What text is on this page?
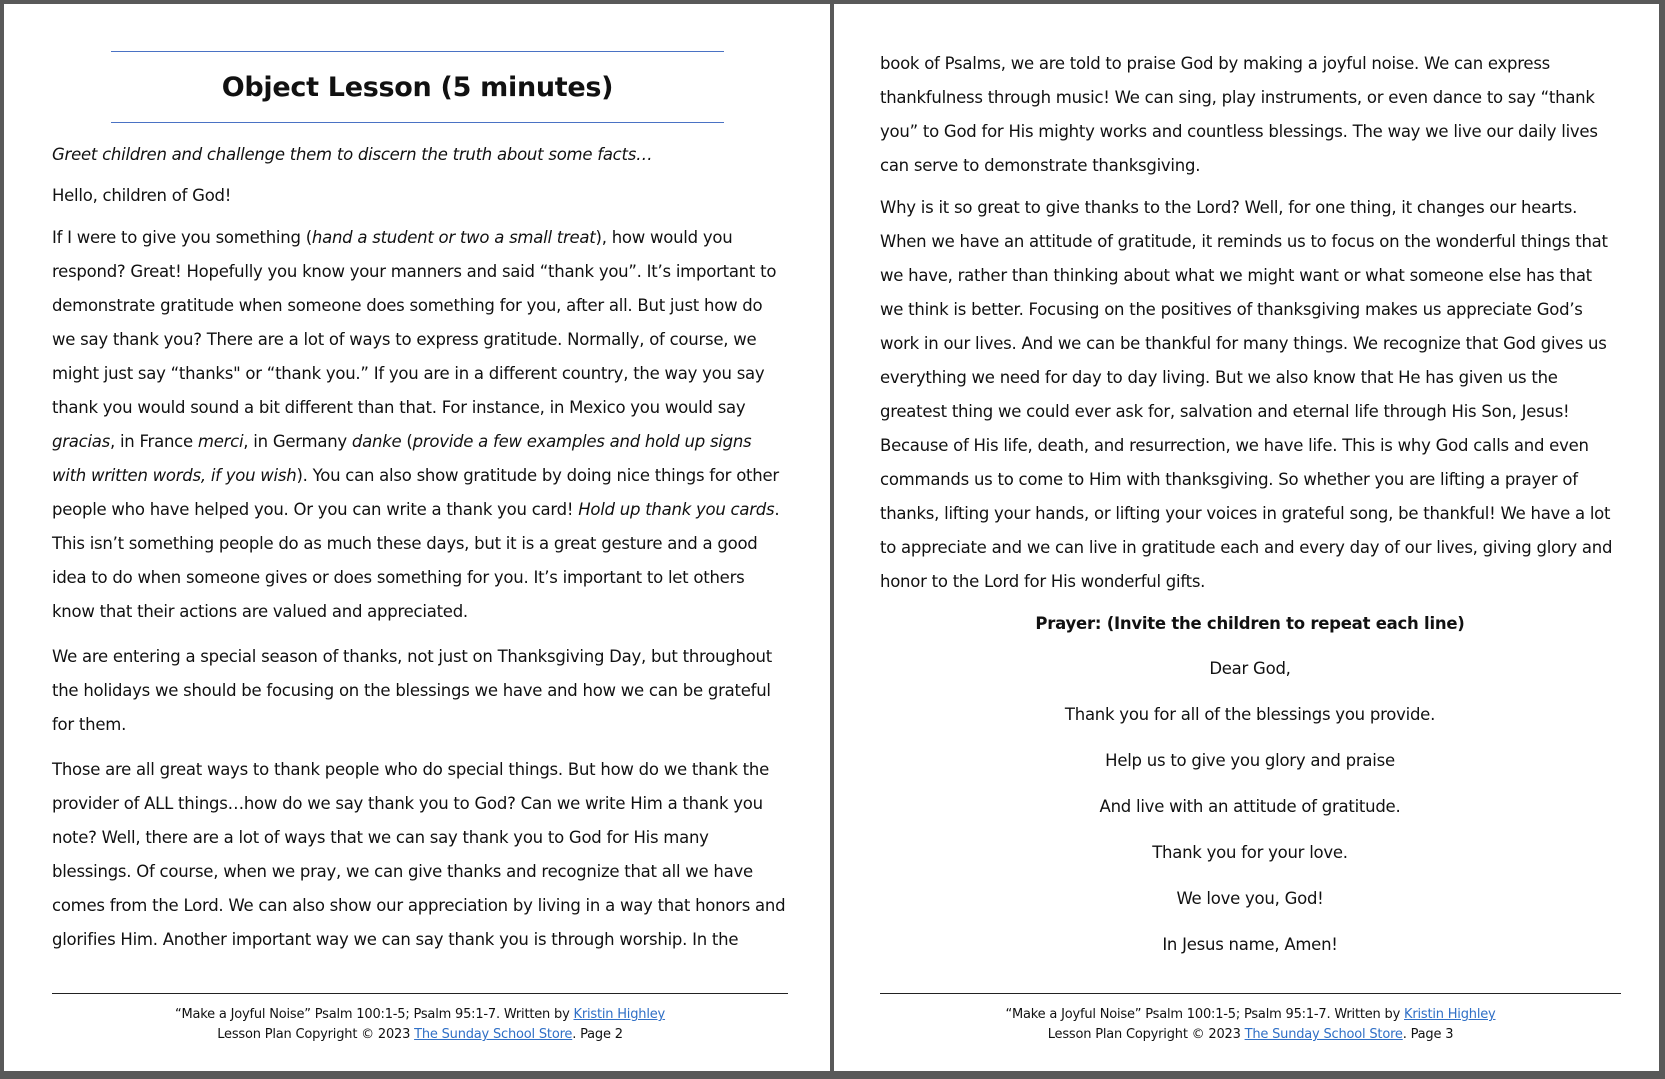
Object Lesson (5 minutes)

Greet children and challenge them to discern the truth about some facts…

Hello, children of God!

If I were to give you something (hand a student or two a small treat), how would you respond? Great! Hopefully you know your manners and said “thank you”. It’s important to demonstrate gratitude when someone does something for you, after all. But just how do we say thank you? There are a lot of ways to express gratitude. Normally, of course, we might just say “thanks" or “thank you.” If you are in a different country, the way you say thank you would sound a bit different than that. For instance, in Mexico you would say gracias, in France merci, in Germany danke (provide a few examples and hold up signs with written words, if you wish). You can also show gratitude by doing nice things for other people who have helped you. Or you can write a thank you card! Hold up thank you cards. This isn’t something people do as much these days, but it is a great gesture and a good idea to do when someone gives or does something for you. It’s important to let others know that their actions are valued and appreciated.

We are entering a special season of thanks, not just on Thanksgiving Day, but throughout the holidays we should be focusing on the blessings we have and how we can be grateful for them.

Those are all great ways to thank people who do special things. But how do we thank the provider of ALL things…how do we say thank you to God? Can we write Him a thank you note? Well, there are a lot of ways that we can say thank you to God for His many blessings. Of course, when we pray, we can give thanks and recognize that all we have comes from the Lord. We can also show our appreciation by living in a way that honors and glorifies Him. Another important way we can say thank you is through worship. In the

“Make a Joyful Noise” Psalm 100:1-5; Psalm 95:1-7. Written by Kristin Highley
Lesson Plan Copyright © 2023 The Sunday School Store. Page 2

book of Psalms, we are told to praise God by making a joyful noise. We can express thankfulness through music! We can sing, play instruments, or even dance to say “thank you” to God for His mighty works and countless blessings. The way we live our daily lives can serve to demonstrate thanksgiving.

Why is it so great to give thanks to the Lord? Well, for one thing, it changes our hearts. When we have an attitude of gratitude, it reminds us to focus on the wonderful things that we have, rather than thinking about what we might want or what someone else has that we think is better. Focusing on the positives of thanksgiving makes us appreciate God’s work in our lives. And we can be thankful for many things. We recognize that God gives us everything we need for day to day living. But we also know that He has given us the greatest thing we could ever ask for, salvation and eternal life through His Son, Jesus! Because of His life, death, and resurrection, we have life. This is why God calls and even commands us to come to Him with thanksgiving. So whether you are lifting a prayer of thanks, lifting your hands, or lifting your voices in grateful song, be thankful! We have a lot to appreciate and we can live in gratitude each and every day of our lives, giving glory and honor to the Lord for His wonderful gifts.

Prayer: (Invite the children to repeat each line)

Dear God,

Thank you for all of the blessings you provide.

Help us to give you glory and praise

And live with an attitude of gratitude.

Thank you for your love.

We love you, God!

In Jesus name, Amen!

“Make a Joyful Noise” Psalm 100:1-5; Psalm 95:1-7. Written by Kristin Highley
Lesson Plan Copyright © 2023 The Sunday School Store. Page 3
